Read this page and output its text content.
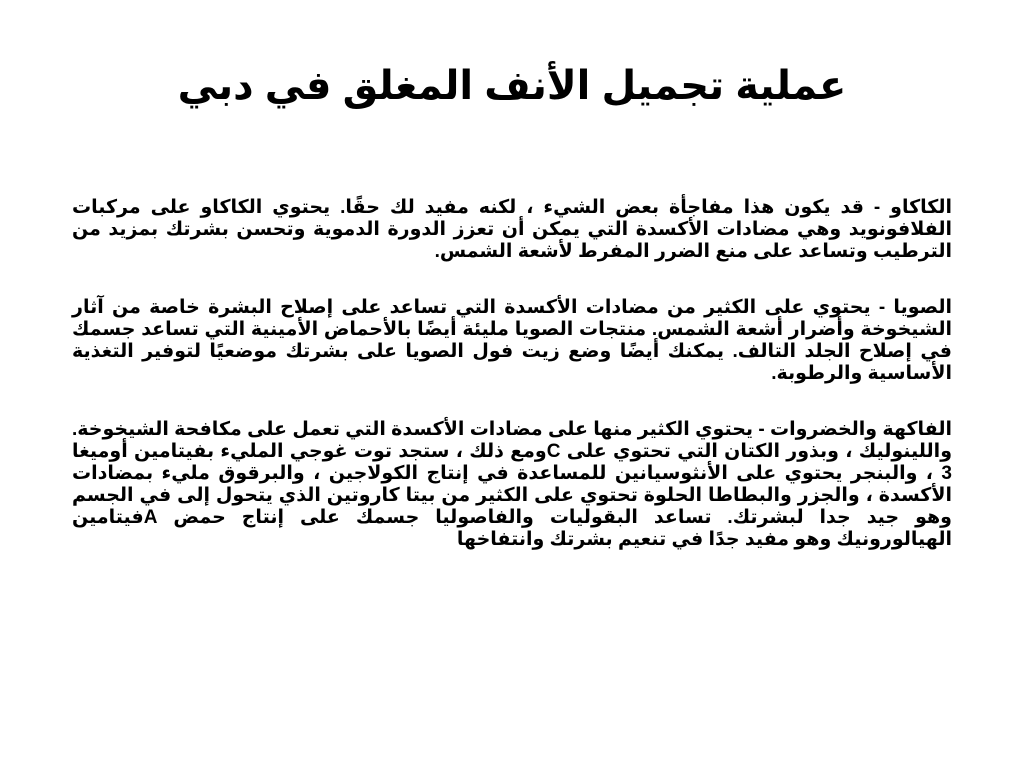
عملية تجميل الأنف المغلق في دبي

الكاكاو - قد يكون هذا مفاجأة بعض الشيء ، لكنه مفيد لك حقًا. يحتوي الكاكاو على مركبات الفلافونويد وهي مضادات الأكسدة التي يمكن أن تعزز الدورة الدموية وتحسن بشرتك بمزيد من الترطيب وتساعد على منع الضرر المفرط لأشعة الشمس.

الصويا - يحتوي على الكثير من مضادات الأكسدة التي تساعد على إصلاح البشرة خاصة من آثار الشيخوخة وأضرار أشعة الشمس. منتجات الصويا مليئة أيضًا بالأحماض الأمينية التي تساعد جسمك في إصلاح الجلد التالف. يمكنك أيضًا وضع زيت فول الصويا على بشرتك موضعيًا لتوفير التغذية الأساسية والرطوبة.

الفاكهة والخضروات - يحتوي الكثير منها على مضادات الأكسدة التي تعمل على مكافحة الشيخوخة. واللينوليك ، وبذور الكتان التي تحتوي على Cومع ذلك ، ستجد توت غوجي المليء بفيتامين أوميغا 3 ، والبنجر يحتوي على الأنثوسيانين للمساعدة في إنتاج الكولاجين ، والبرقوق مليء بمضادات الأكسدة ، والجزر والبطاطا الحلوة تحتوي على الكثير من بيتا كاروتين الذي يتحول إلى في الجسم وهو جيد جدا لبشرتك. تساعد البقوليات والفاصوليا جسمك على إنتاج حمض Aفيتامين الهيالورونيك وهو مفيد جدًا في تنعيم بشرتك وانتفاخها
